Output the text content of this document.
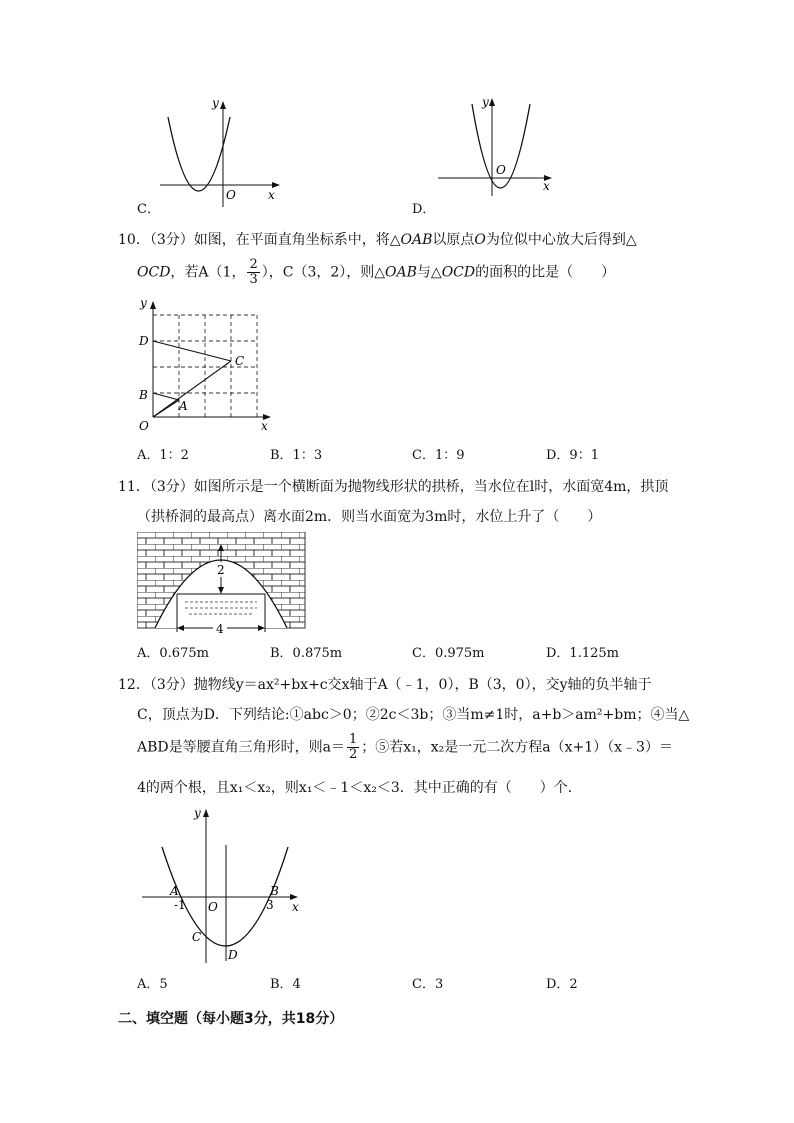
y
x
O
C．
y
x
O
D．
10．（3分）如图，在平面直角坐标系中，将△OAB以原点O为位似中心放大后得到△
OCD，若A（1， $\frac{2}{3}$ ），C（3，2），则△OAB与△OCD的面积的比是（　　）
y
x
D
C
B
A
O
A．1：2	B．1：3	C．1：9	D．9：1
11．（3分）如图所示是一个横断面为抛物线形状的拱桥，当水位在l时，水面宽4m，拱顶
（拱桥洞的最高点）离水面2m．则当水面宽为3m时，水位上升了（　　）
2
4
A．0.675m	B．0.875m	C．0.975m	D．1.125m
12．（3分）抛物线y＝ax²+bx+c交x轴于A（﹣1，0），B（3，0），交y轴的负半轴于
C，顶点为D．下列结论:①abc＞0；②2c＜3b；③当m≠1时，a+b＞am²+bm；④当△
ABD是等腰直角三角形时，则$a= \frac{1}{2}$ ；⑤若x₁，x₂是一元二次方程a（x+1）（x﹣3）＝
4的两个根，且x₁＜x₂，则x₁＜﹣1＜x₂＜3．其中正确的有（　　）个．
y
x
A	B
-1	3
O
C
D
A．5	B．4	C．3	D．2
二、填空题（每小题3分，共18分）
